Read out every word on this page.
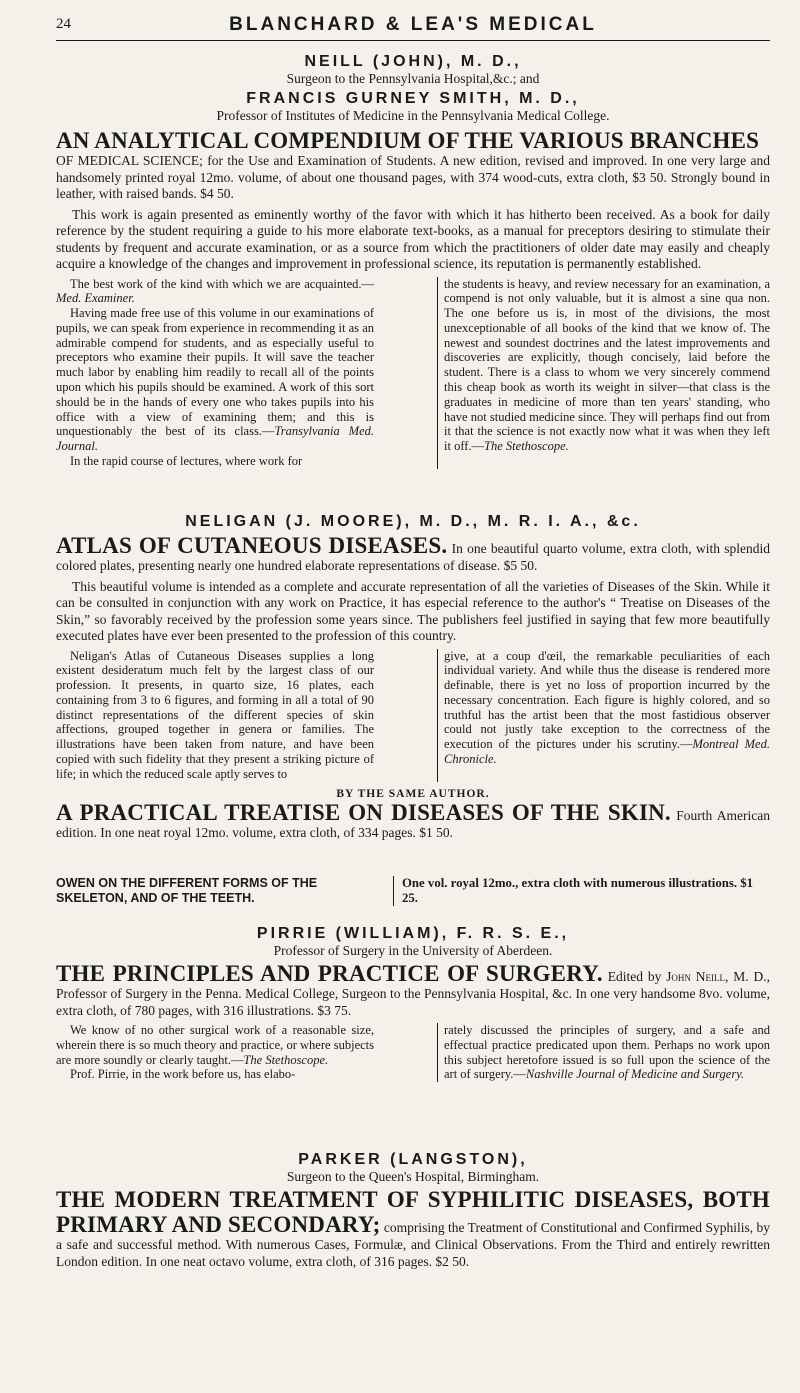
24	BLANCHARD & LEA'S MEDICAL
NEILL (JOHN), M. D.,
Surgeon to the Pennsylvania Hospital,&c.; and
FRANCIS GURNEY SMITH, M. D.,
Professor of Institutes of Medicine in the Pennsylvania Medical College.
AN ANALYTICAL COMPENDIUM OF THE VARIOUS BRANCHES

OF MEDICAL SCIENCE; for the Use and Examination of Students. A new edition, revised and improved. In one very large and handsomely printed royal 12mo. volume, of about one thousand pages, with 374 wood-cuts, extra cloth, $3 50. Strongly bound in leather, with raised bands. $4 50.

This work is again presented as eminently worthy of the favor with which it has hitherto been received. As a book for daily reference by the student requiring a guide to his more elaborate text-books, as a manual for preceptors desiring to stimulate their students by frequent and accurate examination, or as a source from which the practitioners of older date may easily and cheaply acquire a knowledge of the changes and improvement in professional science, its reputation is permanently established.

The best work of the kind with which we are acquainted.—Med. Examiner.

Having made free use of this volume in our examinations of pupils, we can speak from experience in recommending it as an admirable compend for students, and as especially useful to preceptors who examine their pupils. It will save the teacher much labor by enabling him readily to recall all of the points upon which his pupils should be examined. A work of this sort should be in the hands of every one who takes pupils into his office with a view of examining them; and this is unquestionably the best of its class.—Transylvania Med. Journal.

In the rapid course of lectures, where work for

the students is heavy, and review necessary for an examination, a compend is not only valuable, but it is almost a sine qua non. The one before us is, in most of the divisions, the most unexceptionable of all books of the kind that we know of. The newest and soundest doctrines and the latest improvements and discoveries are explicitly, though concisely, laid before the student. There is a class to whom we very sincerely commend this cheap book as worth its weight in silver—that class is the graduates in medicine of more than ten years' standing, who have not studied medicine since. They will perhaps find out from it that the science is not exactly now what it was when they left it off.—The Stethoscope.

NELIGAN (J. MOORE), M. D., M. R. I. A., &c.

ATLAS OF CUTANEOUS DISEASES. In one beautiful quarto volume, extra cloth, with splendid colored plates, presenting nearly one hundred elaborate representations of disease. $5 50.

This beautiful volume is intended as a complete and accurate representation of all the varieties of Diseases of the Skin. While it can be consulted in conjunction with any work on Practice, it has especial reference to the author's “ Treatise on Diseases of the Skin,” so favorably received by the profession some years since. The publishers feel justified in saying that few more beautifully executed plates have ever been presented to the profession of this country.

Neligan's Atlas of Cutaneous Diseases supplies a long existent desideratum much felt by the largest class of our profession. It presents, in quarto size, 16 plates, each containing from 3 to 6 figures, and forming in all a total of 90 distinct representations of the different species of skin affections, grouped together in genera or families. The illustrations have been taken from nature, and have been copied with such fidelity that they present a striking picture of life; in which the reduced scale aptly serves to

give, at a coup d'œil, the remarkable peculiarities of each individual variety. And while thus the disease is rendered more definable, there is yet no loss of proportion incurred by the necessary concentration. Each figure is highly colored, and so truthful has the artist been that the most fastidious observer could not justly take exception to the correctness of the execution of the pictures under his scrutiny.—Montreal Med. Chronicle.

BY THE SAME AUTHOR.

A PRACTICAL TREATISE ON DISEASES OF THE SKIN. Fourth American edition. In one neat royal 12mo. volume, extra cloth, of 334 pages. $1 50.

OWEN ON THE DIFFERENT FORMS OF THE SKELETON, AND OF THE TEETH.
One vol. royal 12mo., extra cloth with numerous illustrations. $1 25.
PIRRIE (WILLIAM), F. R. S. E.,
Professor of Surgery in the University of Aberdeen.

THE PRINCIPLES AND PRACTICE OF SURGERY. Edited by John Neill, M. D., Professor of Surgery in the Penna. Medical College, Surgeon to the Pennsylvania Hospital, &c. In one very handsome 8vo. volume, extra cloth, of 780 pages, with 316 illustrations. $3 75.

We know of no other surgical work of a reasonable size, wherein there is so much theory and practice, or where subjects are more soundly or clearly taught.—The Stethoscope.

Prof. Pirrie, in the work before us, has elabo-

rately discussed the principles of surgery, and a safe and effectual practice predicated upon them. Perhaps no work upon this subject heretofore issued is so full upon the science of the art of surgery.—Nashville Journal of Medicine and Surgery.

PARKER (LANGSTON),
Surgeon to the Queen's Hospital, Birmingham.

THE MODERN TREATMENT OF SYPHILITIC DISEASES, BOTH PRIMARY AND SECONDARY; comprising the Treatment of Constitutional and Confirmed Syphilis, by a safe and successful method. With numerous Cases, Formulæ, and Clinical Observations. From the Third and entirely rewritten London edition. In one neat octavo volume, extra cloth, of 316 pages. $2 50.
